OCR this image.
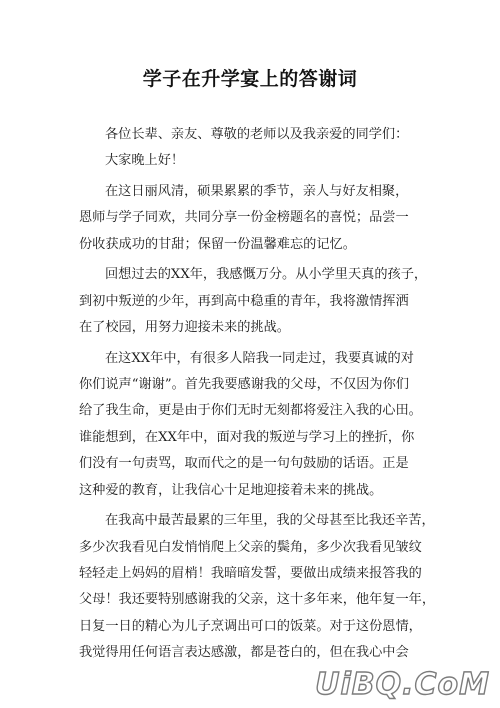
学子在升学宴上的答谢词
各位长辈、亲友、尊敬的老师以及我亲爱的同学们：
大家晚上好！
在这日丽风清，硕果累累的季节，亲人与好友相聚，
恩师与学子同欢，共同分享一份金榜题名的喜悦；品尝一
份收获成功的甘甜；保留一份温馨难忘的记忆。
回想过去的XX年，我感慨万分。从小学里天真的孩子，
到初中叛逆的少年，再到高中稳重的青年，我将激情挥洒
在了校园，用努力迎接未来的挑战。
在这XX年中，有很多人陪我一同走过，我要真诚的对
你们说声“谢谢”。首先我要感谢我的父母，不仅因为你们
给了我生命，更是由于你们无时无刻都将爱注入我的心田。
谁能想到，在XX年中，面对我的叛逆与学习上的挫折，你
们没有一句责骂，取而代之的是一句句鼓励的话语。正是
这种爱的教育，让我信心十足地迎接着未来的挑战。
在我高中最苦最累的三年里，我的父母甚至比我还辛苦，
多少次我看见白发悄悄爬上父亲的鬓角，多少次我看见皱纹
轻轻走上妈妈的眉梢！我暗暗发誓，要做出成绩来报答我的
父母！我还要特别感谢我的父亲，这十多年来，他年复一年，
日复一日的精心为儿子烹调出可口的饭菜。对于这份恩情，
我觉得用任何语言表达感激，都是苍白的，但在我心中会
UiBQ.CoM
